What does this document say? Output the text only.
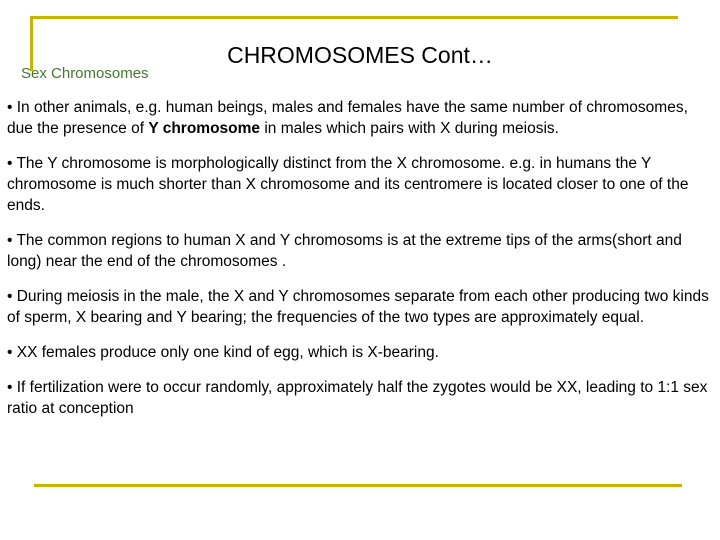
CHROMOSOMES Cont…
Sex Chromosomes
• In other animals, e.g. human beings, males and females have the same number of chromosomes, due the presence of Y chromosome in males which pairs with X during meiosis.
• The Y chromosome is morphologically distinct from the X chromosome. e.g. in humans the Y chromosome is much shorter than X chromosome and its centromere is located closer to one of the ends.
• The common regions to human X and Y chromosoms is at the extreme tips of the arms(short and long) near the end of the chromosomes .
• During meiosis in the male, the X and Y chromosomes separate from each other producing two kinds of sperm, X bearing and Y bearing; the frequencies of the two types are approximately equal.
• XX females produce only one kind of egg, which is X-bearing.
• If fertilization were to occur randomly, approximately half the zygotes would be XX, leading to 1:1 sex ratio at conception
